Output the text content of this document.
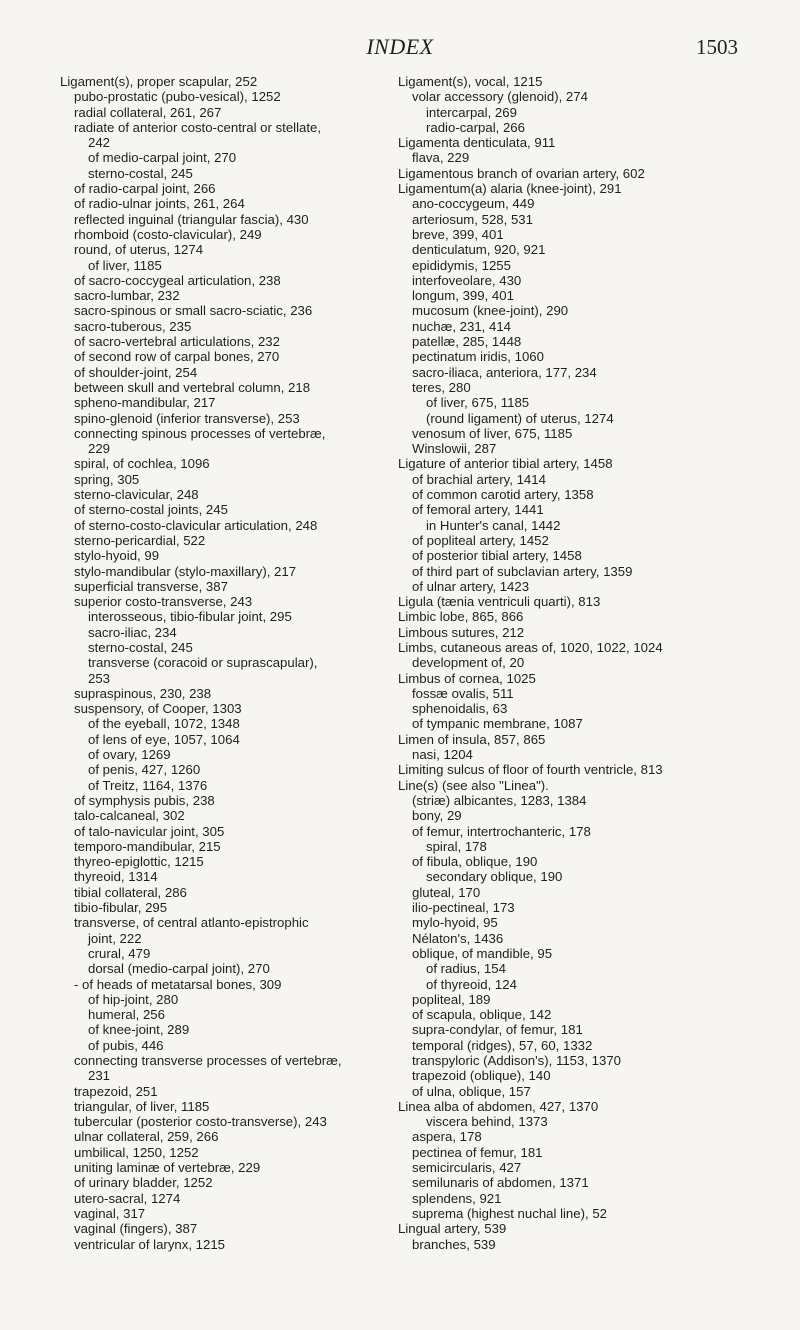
INDEX	1503
Ligament(s), proper scapular, 252
pubo-prostatic (pubo-vesical), 1252
radial collateral, 261, 267
radiate of anterior costo-central or stellate,
242
of medio-carpal joint, 270
sterno-costal, 245
of radio-carpal joint, 266
of radio-ulnar joints, 261, 264
reflected inguinal (triangular fascia), 430
rhomboid (costo-clavicular), 249
round, of uterus, 1274
of liver, 1185
of sacro-coccygeal articulation, 238
sacro-lumbar, 232
sacro-spinous or small sacro-sciatic, 236
sacro-tuberous, 235
of sacro-vertebral articulations, 232
of second row of carpal bones, 270
of shoulder-joint, 254
between skull and vertebral column, 218
spheno-mandibular, 217
spino-glenoid (inferior transverse), 253
connecting spinous processes of vertebræ,
229
spiral, of cochlea, 1096
spring, 305
sterno-clavicular, 248
of sterno-costal joints, 245
of sterno-costo-clavicular articulation, 248
sterno-pericardial, 522
stylo-hyoid, 99
stylo-mandibular (stylo-maxillary), 217
superficial transverse, 387
superior costo-transverse, 243
interosseous, tibio-fibular joint, 295
sacro-iliac, 234
sterno-costal, 245
transverse (coracoid or suprascapular),
253
supraspinous, 230, 238
suspensory, of Cooper, 1303
of the eyeball, 1072, 1348
of lens of eye, 1057, 1064
of ovary, 1269
of penis, 427, 1260
of Treitz, 1164, 1376
of symphysis pubis, 238
talo-calcaneal, 302
of talo-navicular joint, 305
temporo-mandibular, 215
thyreo-epiglottic, 1215
thyreoid, 1314
tibial collateral, 286
tibio-fibular, 295
transverse, of central atlanto-epistrophic
joint, 222
crural, 479
dorsal (medio-carpal joint), 270
- of heads of metatarsal bones, 309
of hip-joint, 280
humeral, 256
of knee-joint, 289
of pubis, 446
connecting transverse processes of vertebræ,
231
trapezoid, 251
triangular, of liver, 1185
tubercular (posterior costo-transverse), 243
ulnar collateral, 259, 266
umbilical, 1250, 1252
uniting laminæ of vertebræ, 229
of urinary bladder, 1252
utero-sacral, 1274
vaginal, 317
vaginal (fingers), 387
ventricular of larynx, 1215
Ligament(s), vocal, 1215
volar accessory (glenoid), 274
intercarpal, 269
radio-carpal, 266
Ligamenta denticulata, 911
flava, 229
Ligamentous branch of ovarian artery, 602
Ligamentum(a) alaria (knee-joint), 291
ano-coccygeum, 449
arteriosum, 528, 531
breve, 399, 401
denticulatum, 920, 921
epididymis, 1255
interfoveolare, 430
longum, 399, 401
mucosum (knee-joint), 290
nuchæ, 231, 414
patellæ, 285, 1448
pectinatum iridis, 1060
sacro-iliaca, anteriora, 177, 234
teres, 280
of liver, 675, 1185
(round ligament) of uterus, 1274
venosum of liver, 675, 1185
Winslowii, 287
Ligature of anterior tibial artery, 1458
of brachial artery, 1414
of common carotid artery, 1358
of femoral artery, 1441
in Hunter's canal, 1442
of popliteal artery, 1452
of posterior tibial artery, 1458
of third part of subclavian artery, 1359
of ulnar artery, 1423
Ligula (tænia ventriculi quarti), 813
Limbic lobe, 865, 866
Limbous sutures, 212
Limbs, cutaneous areas of, 1020, 1022, 1024
development of, 20
Limbus of cornea, 1025
fossæ ovalis, 511
sphenoidalis, 63
of tympanic membrane, 1087
Limen of insula, 857, 865
nasi, 1204
Limiting sulcus of floor of fourth ventricle, 813
Line(s) (see also "Linea").
(striæ) albicantes, 1283, 1384
bony, 29
of femur, intertrochanteric, 178
spiral, 178
of fibula, oblique, 190
secondary oblique, 190
gluteal, 170
ilio-pectineal, 173
mylo-hyoid, 95
Nélaton's, 1436
oblique, of mandible, 95
of radius, 154
of thyreoid, 124
popliteal, 189
of scapula, oblique, 142
supra-condylar, of femur, 181
temporal (ridges), 57, 60, 1332
transpyloric (Addison's), 1153, 1370
trapezoid (oblique), 140
of ulna, oblique, 157
Linea alba of abdomen, 427, 1370
viscera behind, 1373
aspera, 178
pectinea of femur, 181
semicircularis, 427
semilunaris of abdomen, 1371
splendens, 921
suprema (highest nuchal line), 52
Lingual artery, 539
branches, 539
